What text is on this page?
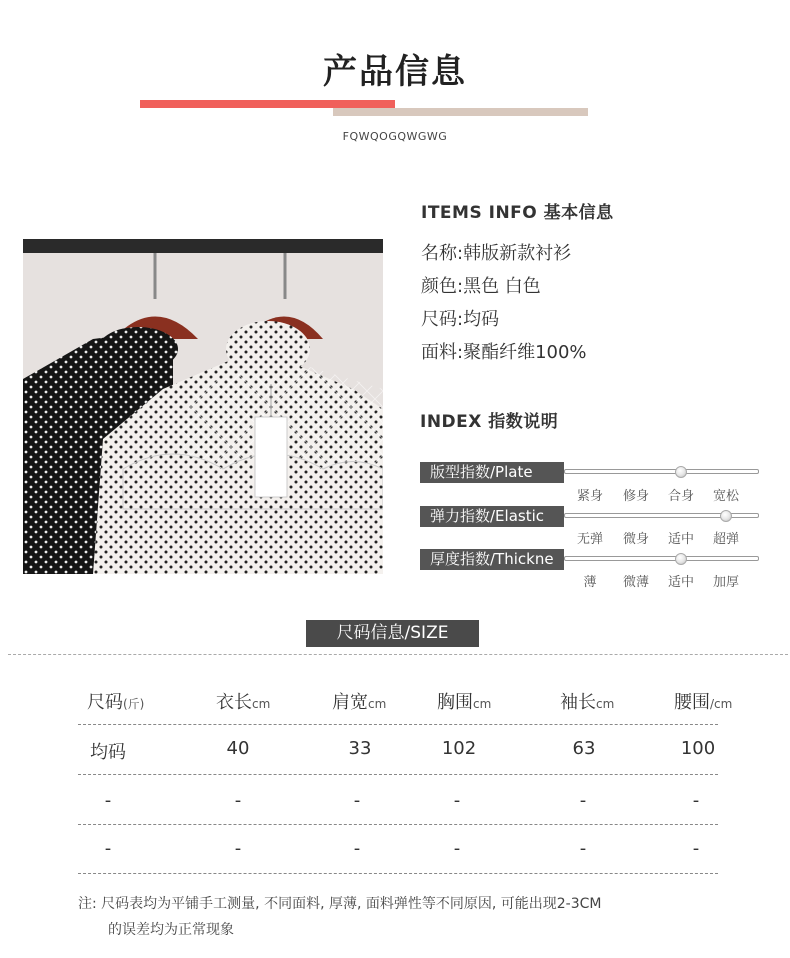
产品信息
FQWQOGQWGWG
ITEMS INFO 基本信息
名称:韩版新款衬衫
颜色:黑色 白色
尺码:均码
面料:聚酯纤维100%
INDEX 指数说明
版型指数/Plate
紧身	修身	合身	宽松
弹力指数/Elastic
无弹	微身	适中	超弹
厚度指数/Thickne
薄	微薄	适中	加厚
尺码信息/SIZE
尺码(斤)	衣长cm	肩宽cm	胸围cm	袖长cm	腰围/cm
均码	40	33	102	63	100
-	-	-	-	-	-
-	-	-	-	-	-
注: 尺码表均为平铺手工测量, 不同面料, 厚薄, 面料弹性等不同原因, 可能出现2-3CM
的误差均为正常现象
